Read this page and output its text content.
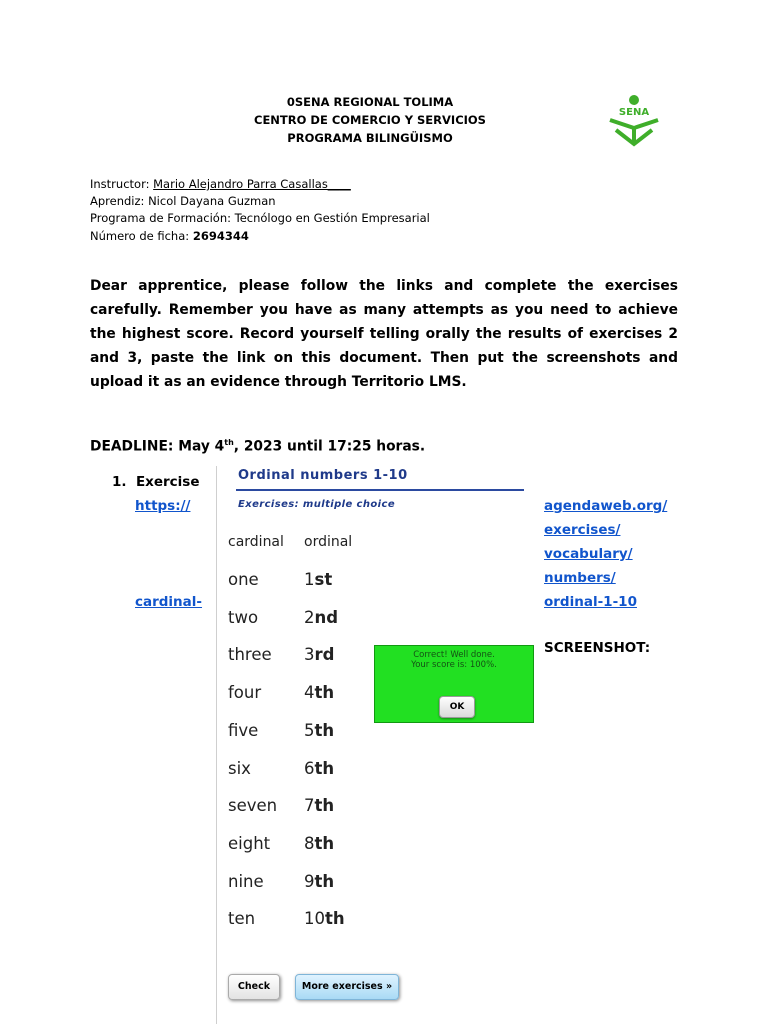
0SENA REGIONAL TOLIMA
CENTRO DE COMERCIO Y SERVICIOS
PROGRAMA BILINGÜISMO
SENA
Instructor: Mario Alejandro Parra Casallas____
Aprendiz: Nicol Dayana Guzman
Programa de Formación: Tecnólogo en Gestión Empresarial
Número de ficha: 2694344
Dear apprentice, please follow the links and complete the exercises carefully. Remember you have as many attempts as you need to achieve the highest score. Record yourself telling orally the results of exercises 2 and 3, paste the link on this document. Then put the screenshots and upload it as an evidence through Territorio LMS.
DEADLINE: May 4th, 2023 until 17:25 horas.
1. Exercise
https://
cardinal-
agendaweb.org/
exercises/
vocabulary/
numbers/
ordinal-1-10
SCREENSHOT:
Ordinal numbers 1-10
Exercises: multiple choice
cardinal ordinal
one	1st
two	2nd
three 3rd
four	4th
five	5th
six	6th
seven 7th
eight 8th
nine 9th
ten	10th
Correct! Well done.
Your score is: 100%.
OK
Check	More exercises »
